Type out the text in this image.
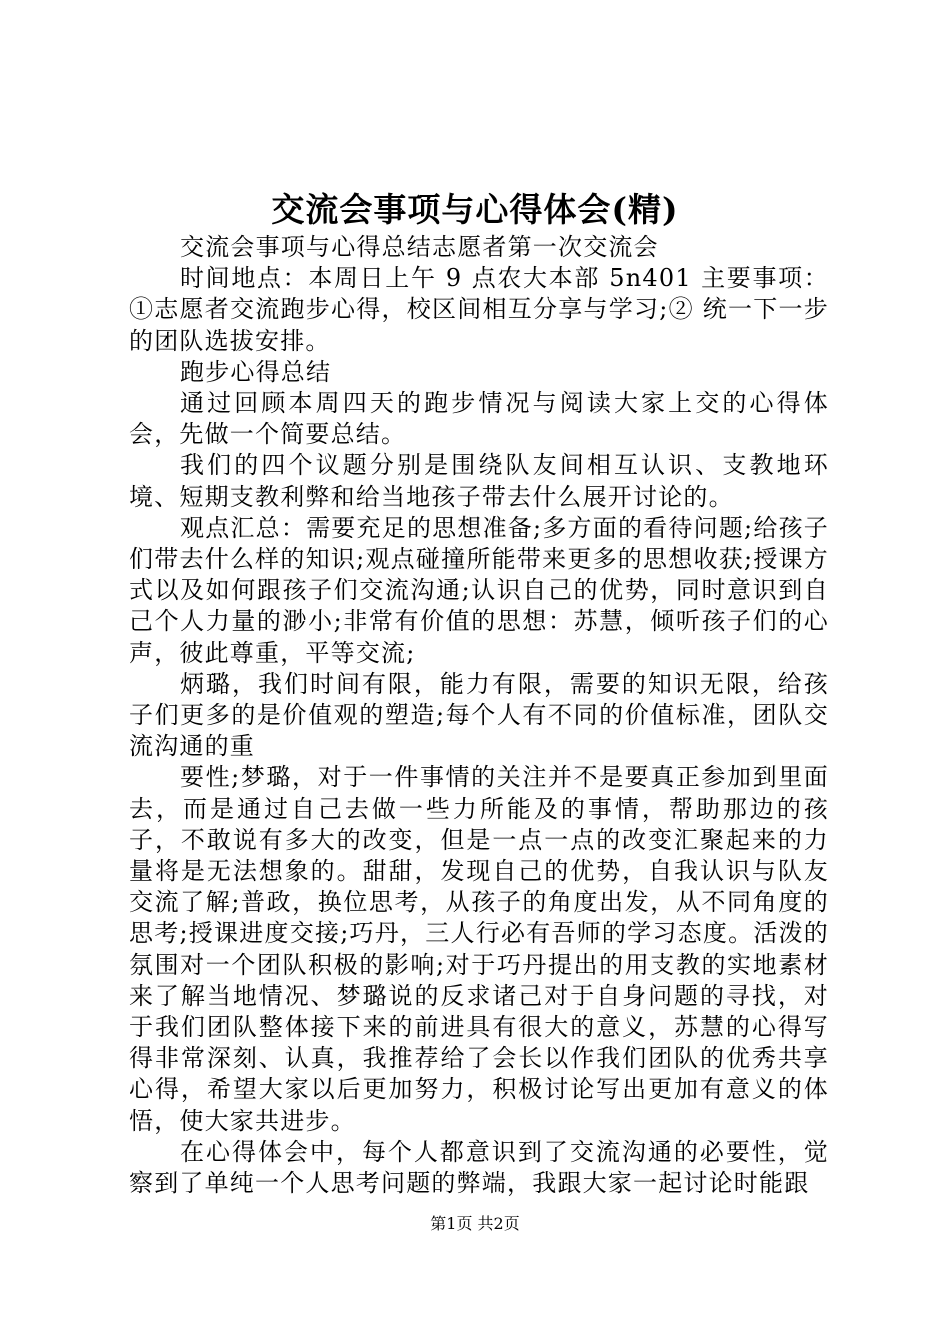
交流会事项与心得体会(精)

交流会事项与心得总结志愿者第一次交流会

时间地点：本周日上午 9 点农大本部 5n401 主要事项：①志愿者交流跑步心得，校区间相互分享与学习;② 统一下一步的团队选拔安排。

跑步心得总结

通过回顾本周四天的跑步情况与阅读大家上交的心得体会，先做一个简要总结。

我们的四个议题分别是围绕队友间相互认识、支教地环境、短期支教利弊和给当地孩子带去什么展开讨论的。

观点汇总：需要充足的思想准备;多方面的看待问题;给孩子们带去什么样的知识;观点碰撞所能带来更多的思想收获;授课方式以及如何跟孩子们交流沟通;认识自己的优势，同时意识到自己个人力量的渺小;非常有价值的思想：苏慧，倾听孩子们的心声，彼此尊重，平等交流;

炳璐，我们时间有限，能力有限，需要的知识无限，给孩子们更多的是价值观的塑造;每个人有不同的价值标准，团队交流沟通的重

要性;梦璐，对于一件事情的关注并不是要真正参加到里面去，而是通过自己去做一些力所能及的事情，帮助那边的孩子，不敢说有多大的改变，但是一点一点的改变汇聚起来的力量将是无法想象的。甜甜，发现自己的优势，自我认识与队友交流了解;普政，换位思考，从孩子的角度出发，从不同角度的思考;授课进度交接;巧丹，三人行必有吾师的学习态度。活泼的氛围对一个团队积极的影响;对于巧丹提出的用支教的实地素材来了解当地情况、梦璐说的反求诸己对于自身问题的寻找，对于我们团队整体接下来的前进具有很大的意义，苏慧的心得写得非常深刻、认真，我推荐给了会长以作我们团队的优秀共享心得，希望大家以后更加努力，积极讨论写出更加有意义的体悟，使大家共进步。

在心得体会中，每个人都意识到了交流沟通的必要性，觉察到了单纯一个人思考问题的弊端，我跟大家一起讨论时能跟

第1页 共2页
